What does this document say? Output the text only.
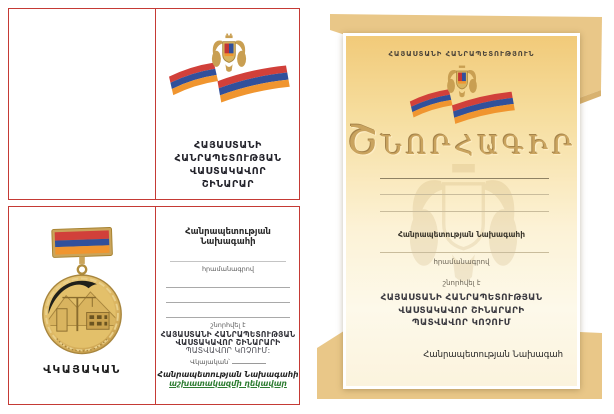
ՀԱՅԱՍՏԱՆԻ
ՀԱՆՐԱՊԵՏՈՒԹՅԱՆ
ՎԱՍՏԱԿԱՎՈՐ
ՇԻՆԱՐԱՐ
ՎԿԱՅԱԿԱՆ
Հանրապետության Նախագահի
հրամանագրով
շնորհվել է
ՀԱՅԱՍՏԱՆԻ ՀԱՆՐԱՊԵՏՈՒԹՅԱՆ
ՎԱՍՏԱԿԱՎՈՐ ՇԻՆԱՐԱՐԻ
ՊԱՏՎԱՎՈՐ ԿՈՉՈՒՄ:
Վկայական՝
Հանրապետության Նախագահի
աշխատակազմի ղեկավար
ՀԱՅԱՍՏԱՆԻ ՀԱՆՐԱՊԵՏՈՒԹՅՈՒՆ
ՇՆՈՐՀԱԳԻՐ
Հանրապետության Նախագահի
հրամանագրով
շնորհվել է
ՀԱՅԱՍՏԱՆԻ ՀԱՆՐԱՊԵՏՈՒԹՅԱՆ
ՎԱՍՏԱԿԱՎՈՐ ՇԻՆԱՐԱՐԻ
ՊԱՏՎԱՎՈՐ ԿՈՉՈՒՄ
Հանրապետության Նախագահ
